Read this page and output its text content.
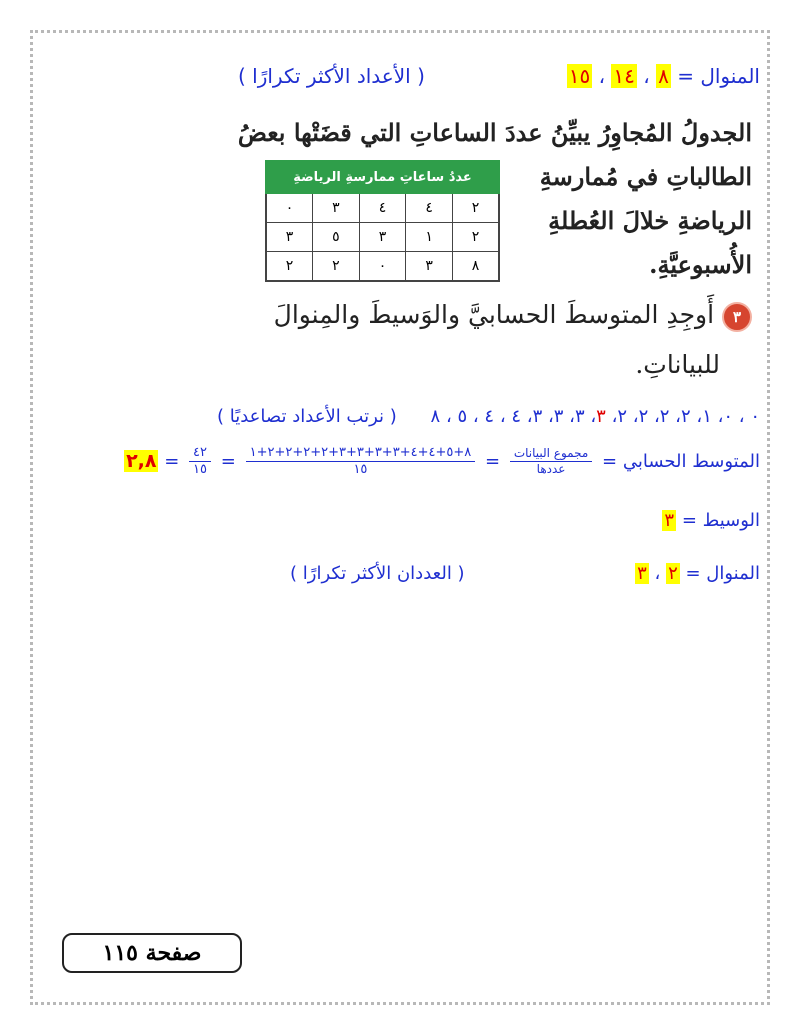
المنوال = ٨ ، ١٤ ، ١٥
( الأعداد الأكثر تكرارًا )
الجدولُ المُجاوِرُ يبيِّنُ عددَ الساعاتِ التي قضَتْها بعضُ
الطالباتِ في مُمارسةِ
الرياضةِ خلالَ العُطلةِ
الأُسبوعيَّةِ.
عددُ ساعاتِ ممارسةِ الرياضةِ				
٢	٤	٤	٣	٠
٢	١	٣	٥	٣
٨	٣	٠	٢	٢
٣ أَوجِدِ المتوسطَ الحسابيَّ والوَسيطَ والمِنوالَ
للبياناتِ.
٠ ، ٠، ١، ٢، ٢، ٢، ٢، ٣، ٣، ٣، ٣، ٤ ، ٤ ، ٥ ، ٨ ( نرتب الأعداد تصاعديًا )
المتوسط الحسابي =
$\frac{\text{مجموع البيانات}}{\text{عددها}}$
=
$\frac{٨+٥+٤+٤+٣+٣+٣+٣+٢+٢+٢+٢+١}{١٥}$
=
$\frac{٤٢}{١٥}$
= ٢,٨
الوسيط = ٣
المنوال = ٢ ، ٣
( العددان الأكثر تكرارًا )
صفحة ١١٥
